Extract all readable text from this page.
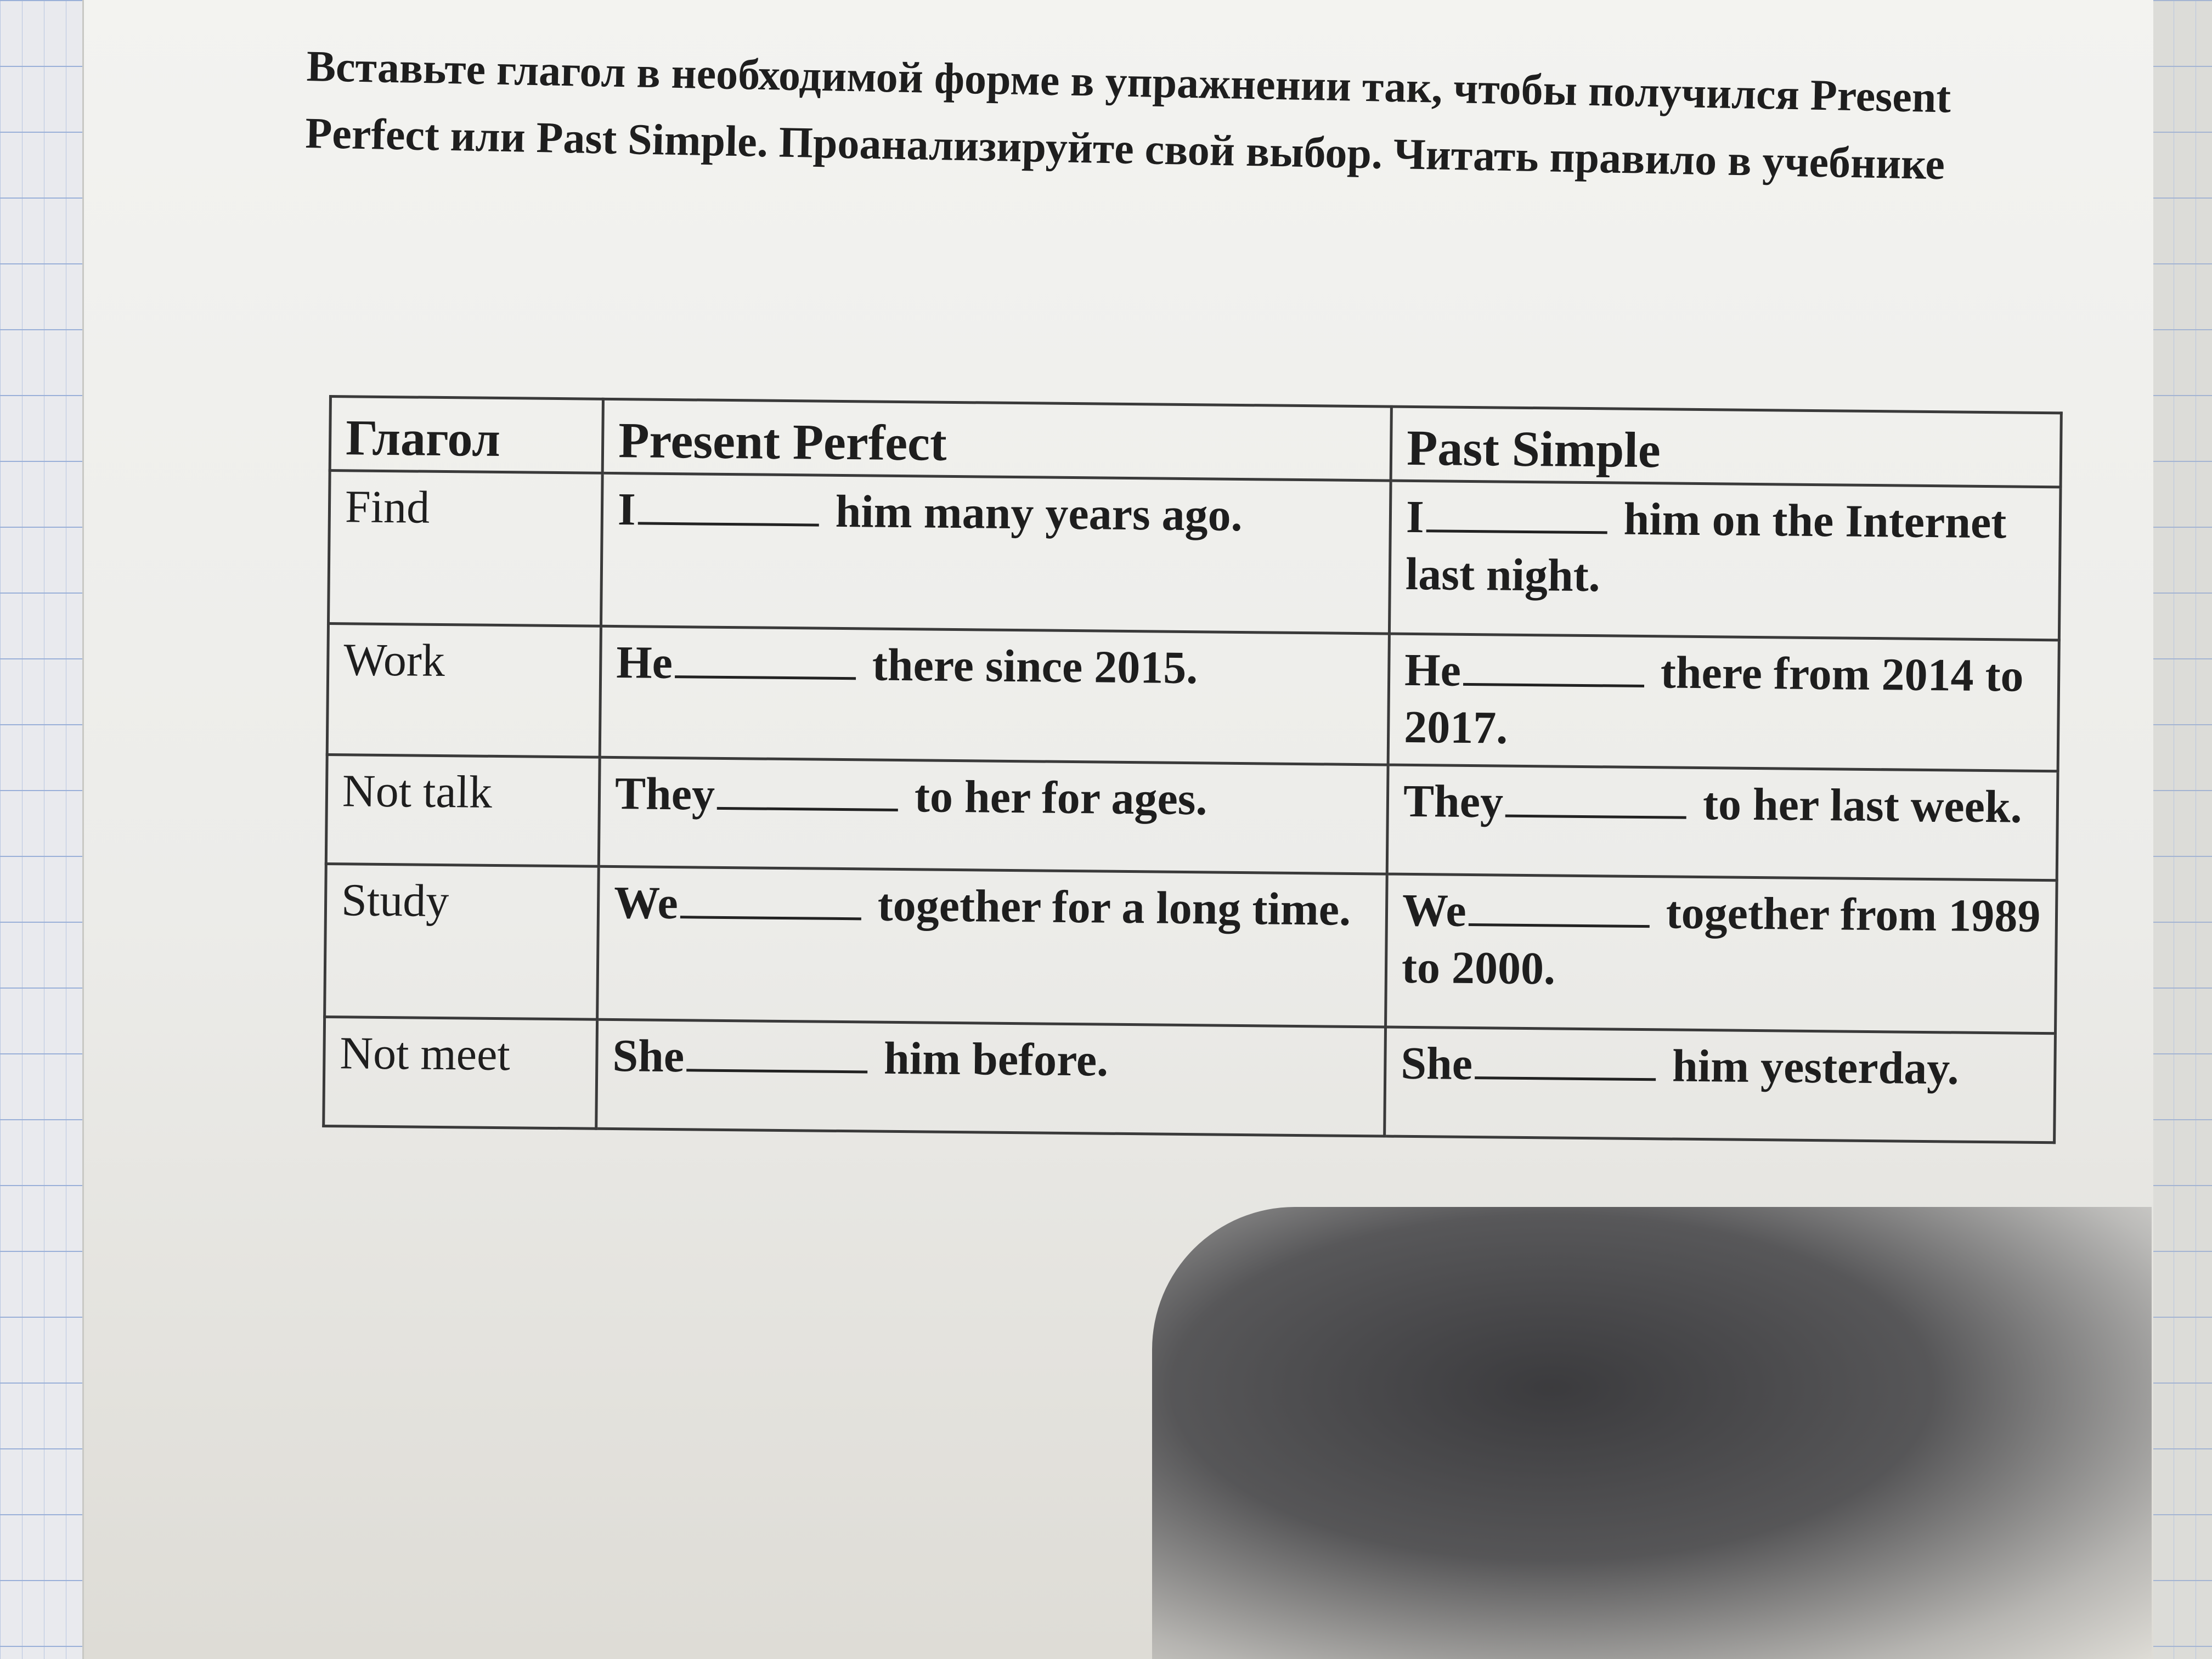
Вставьте глагол в необходимой форме в упражнении так, чтобы получился Present Perfect или Past Simple. Проанализируйте свой выбор. Читать правило в учебнике

Глагол	Present Perfect	Past Simple
Find	I him many years ago.	I him on the Internet last night.
Work	He there since 2015.	He there from 2014 to 2017.
Not talk	They to her for ages.	They to her last week.
Study	We together for a long time.	We together from 1989 to 2000.
Not meet	She him before.	She him yesterday.
